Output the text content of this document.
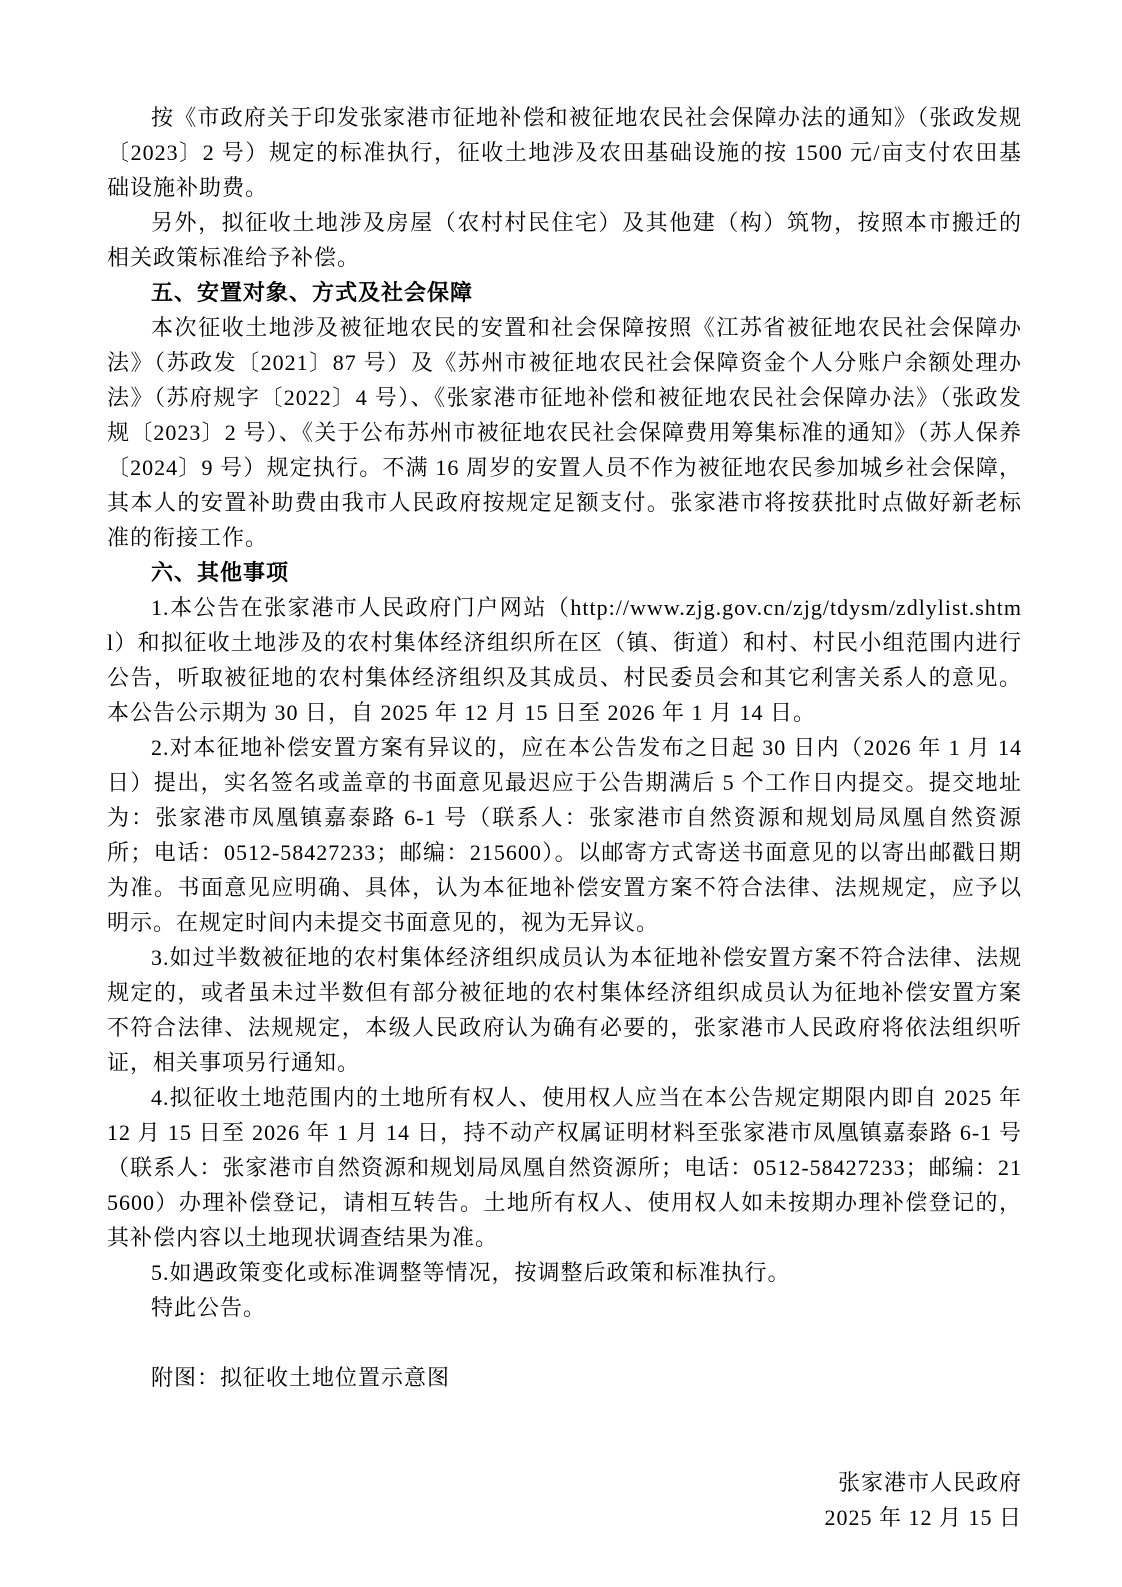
按《市政府关于印发张家港市征地补偿和被征地农民社会保障办法的通知》（张政发规〔2023〕2 号）规定的标准执行，征收土地涉及农田基础设施的按 1500 元/亩支付农田基础设施补助费。

另外，拟征收土地涉及房屋（农村村民住宅）及其他建（构）筑物，按照本市搬迁的相关政策标准给予补偿。

五、安置对象、方式及社会保障

本次征收土地涉及被征地农民的安置和社会保障按照《江苏省被征地农民社会保障办法》（苏政发〔2021〕87 号）及《苏州市被征地农民社会保障资金个人分账户余额处理办法》（苏府规字〔2022〕4 号）、《张家港市征地补偿和被征地农民社会保障办法》（张政发规〔2023〕2 号）、《关于公布苏州市被征地农民社会保障费用筹集标准的通知》（苏人保养〔2024〕9 号）规定执行。不满 16 周岁的安置人员不作为被征地农民参加城乡社会保障，其本人的安置补助费由我市人民政府按规定足额支付。张家港市将按获批时点做好新老标准的衔接工作。

六、其他事项

1.本公告在张家港市人民政府门户网站（http://www.zjg.gov.cn/zjg/tdysm/zdlylist.shtml）和拟征收土地涉及的农村集体经济组织所在区（镇、街道）和村、村民小组范围内进行公告，听取被征地的农村集体经济组织及其成员、村民委员会和其它利害关系人的意见。本公告公示期为 30 日，自 2025 年 12 月 15 日至 2026 年 1 月 14 日。

2.对本征地补偿安置方案有异议的，应在本公告发布之日起 30 日内（2026 年 1 月 14 日）提出，实名签名或盖章的书面意见最迟应于公告期满后 5 个工作日内提交。提交地址为：张家港市凤凰镇嘉泰路 6-1 号（联系人：张家港市自然资源和规划局凤凰自然资源所；电话：0512-58427233；邮编：215600）。以邮寄方式寄送书面意见的以寄出邮戳日期为准。书面意见应明确、具体，认为本征地补偿安置方案不符合法律、法规规定，应予以明示。在规定时间内未提交书面意见的，视为无异议。

3.如过半数被征地的农村集体经济组织成员认为本征地补偿安置方案不符合法律、法规规定的，或者虽未过半数但有部分被征地的农村集体经济组织成员认为征地补偿安置方案不符合法律、法规规定，本级人民政府认为确有必要的，张家港市人民政府将依法组织听证，相关事项另行通知。

4.拟征收土地范围内的土地所有权人、使用权人应当在本公告规定期限内即自 2025 年 12 月 15 日至 2026 年 1 月 14 日，持不动产权属证明材料至张家港市凤凰镇嘉泰路 6-1 号（联系人：张家港市自然资源和规划局凤凰自然资源所；电话：0512-58427233；邮编：215600）办理补偿登记，请相互转告。土地所有权人、使用权人如未按期办理补偿登记的，其补偿内容以土地现状调查结果为准。

5.如遇政策变化或标准调整等情况，按调整后政策和标准执行。

特此公告。

附图：拟征收土地位置示意图

张家港市人民政府

2025 年 12 月 15 日
